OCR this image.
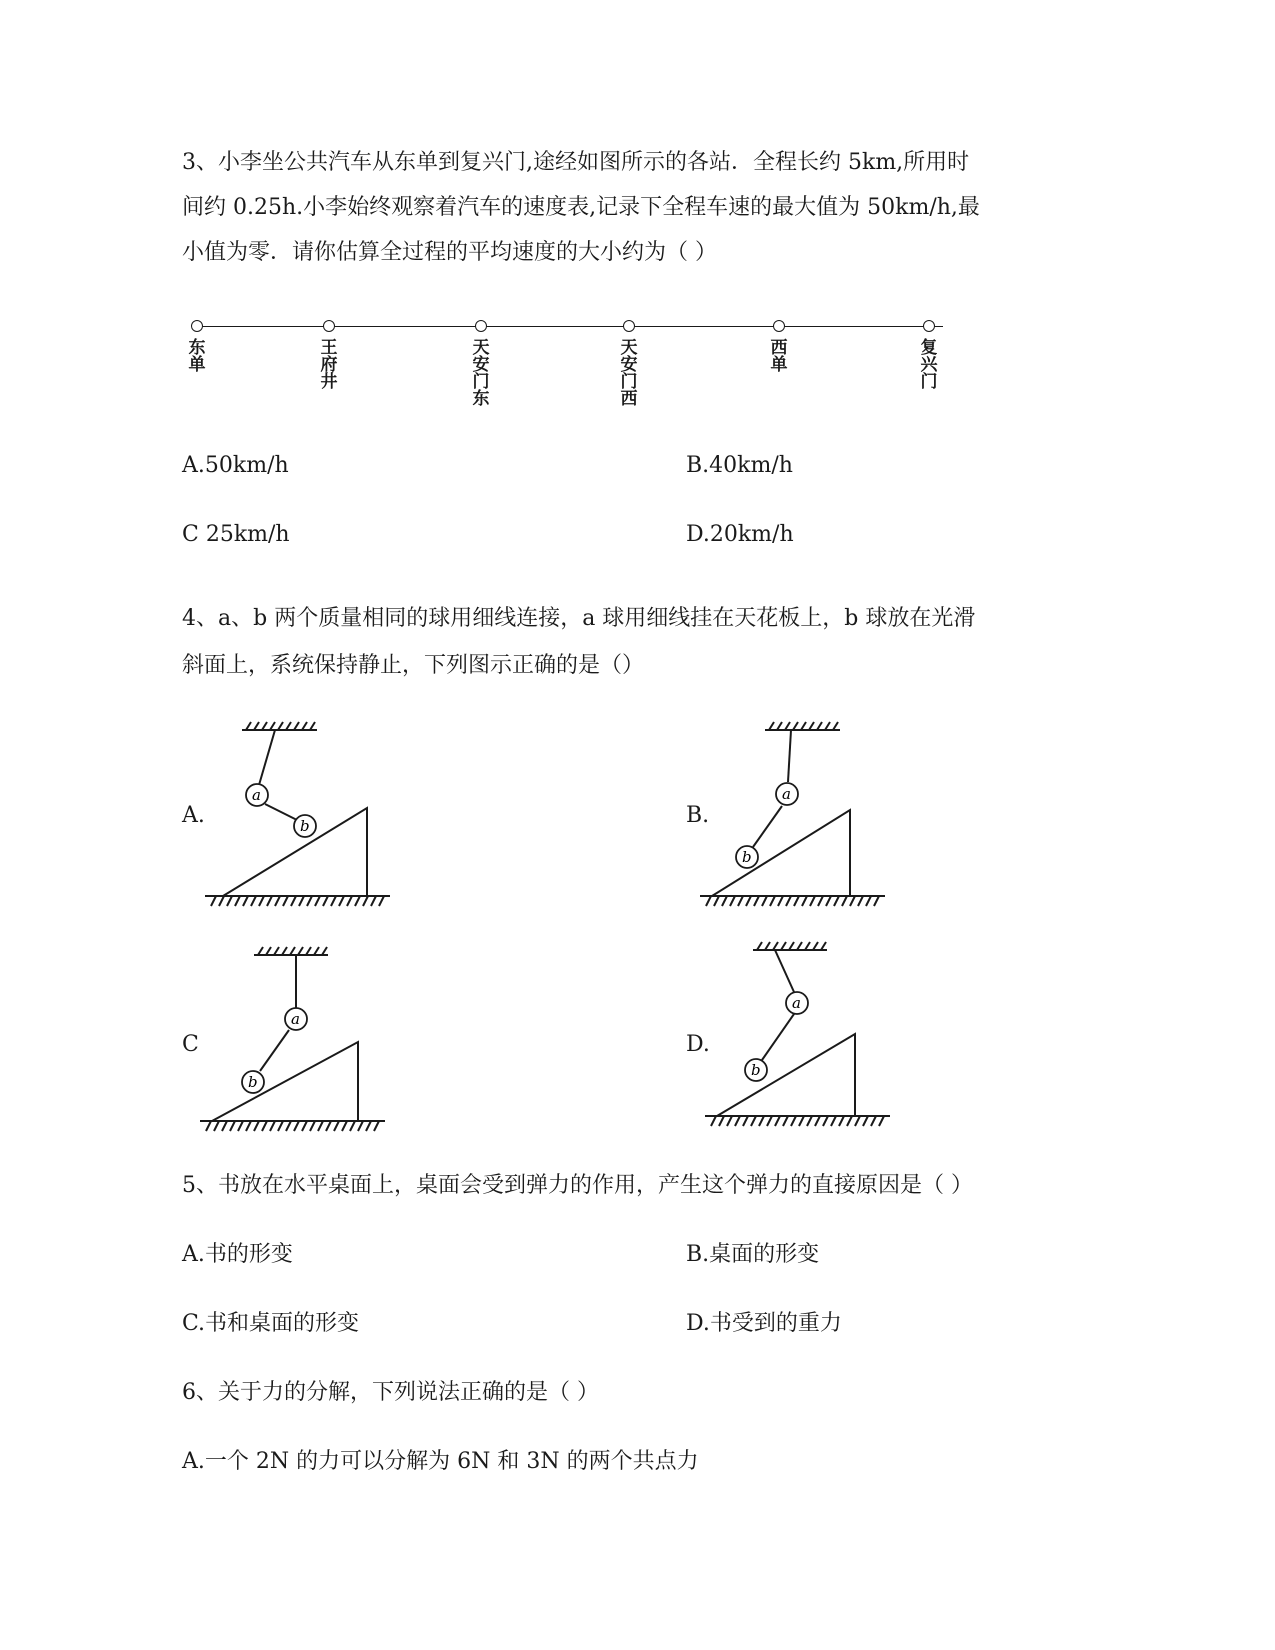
3、小李坐公共汽车从东单到复兴门,途经如图所示的各站．全程长约 5km,所用时
间约 0.25h.小李始终观察着汽车的速度表,记录下全程车速的最大值为 50km/h,最
小值为零．请你估算全过程的平均速度的大小约为（ ）
东单
王府井
天安门东
天安门西
西单
复兴门
A.50km/h	B.40km/h
C 25km/h	D.20km/h
4、a、b 两个质量相同的球用细线连接，a 球用细线挂在天花板上，b 球放在光滑
斜面上，系统保持静止，下列图示正确的是（）
A.	B.
C	D.
a
b
a
b
a
b
a
b
5、书放在水平桌面上，桌面会受到弹力的作用，产生这个弹力的直接原因是（ ）
A.书的形变	B.桌面的形变
C.书和桌面的形变	D.书受到的重力
6、关于力的分解，下列说法正确的是（ ）
A.一个 2N 的力可以分解为 6N 和 3N 的两个共点力
